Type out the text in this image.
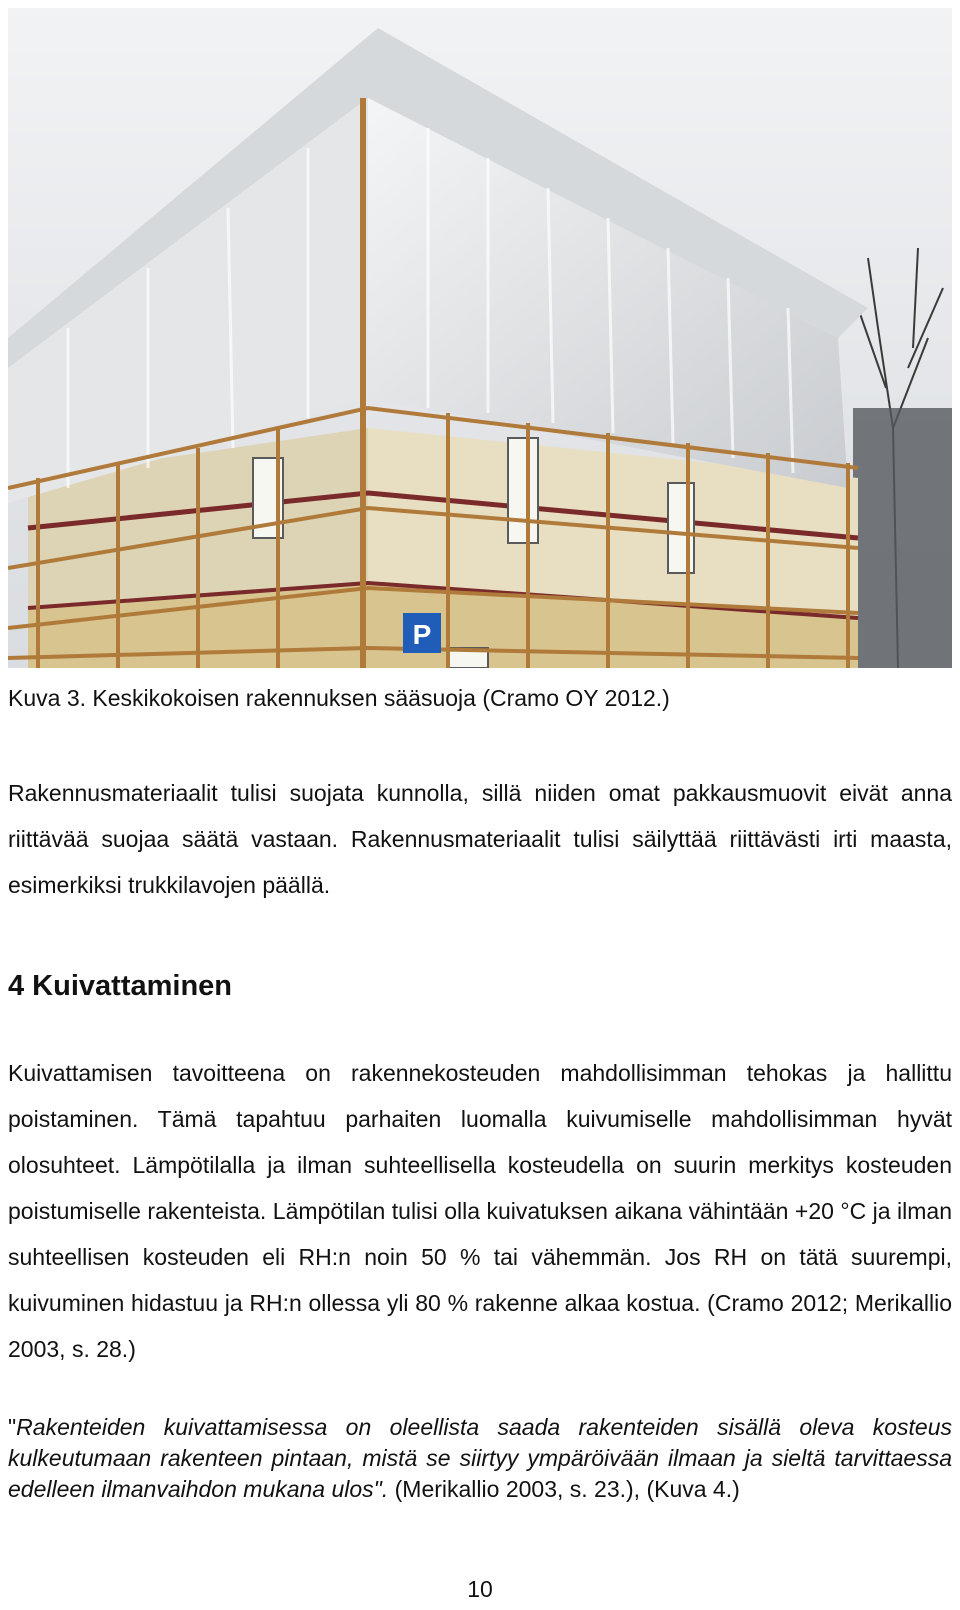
P
Kuva 3. Keskikokoisen rakennuksen sääsuoja (Cramo OY 2012.)

Rakennusmateriaalit tulisi suojata kunnolla, sillä niiden omat pakkausmuovit eivät anna riittävää suojaa säätä vastaan. Rakennusmateriaalit tulisi säilyttää riittävästi irti maasta, esimerkiksi trukkilavojen päällä.

4 Kuivattaminen

Kuivattamisen tavoitteena on rakennekosteuden mahdollisimman tehokas ja hallittu poistaminen. Tämä tapahtuu parhaiten luomalla kuivumiselle mahdollisimman hyvät olosuhteet. Lämpötilalla ja ilman suhteellisella kosteudella on suurin merkitys kosteuden poistumiselle rakenteista. Lämpötilan tulisi olla kuivatuksen aikana vähintään +20 °C ja ilman suhteellisen kosteuden eli RH:n noin 50 % tai vähemmän. Jos RH on tätä suurempi, kuivuminen hidastuu ja RH:n ollessa yli 80 % rakenne alkaa kostua. (Cramo 2012; Merikallio 2003, s. 28.)

"Rakenteiden kuivattamisessa on oleellista saada rakenteiden sisällä oleva kosteus kulkeutumaan rakenteen pintaan, mistä se siirtyy ympäröivään ilmaan ja sieltä tarvittaessa edelleen ilmanvaihdon mukana ulos". (Merikallio 2003, s. 23.), (Kuva 4.)

10
